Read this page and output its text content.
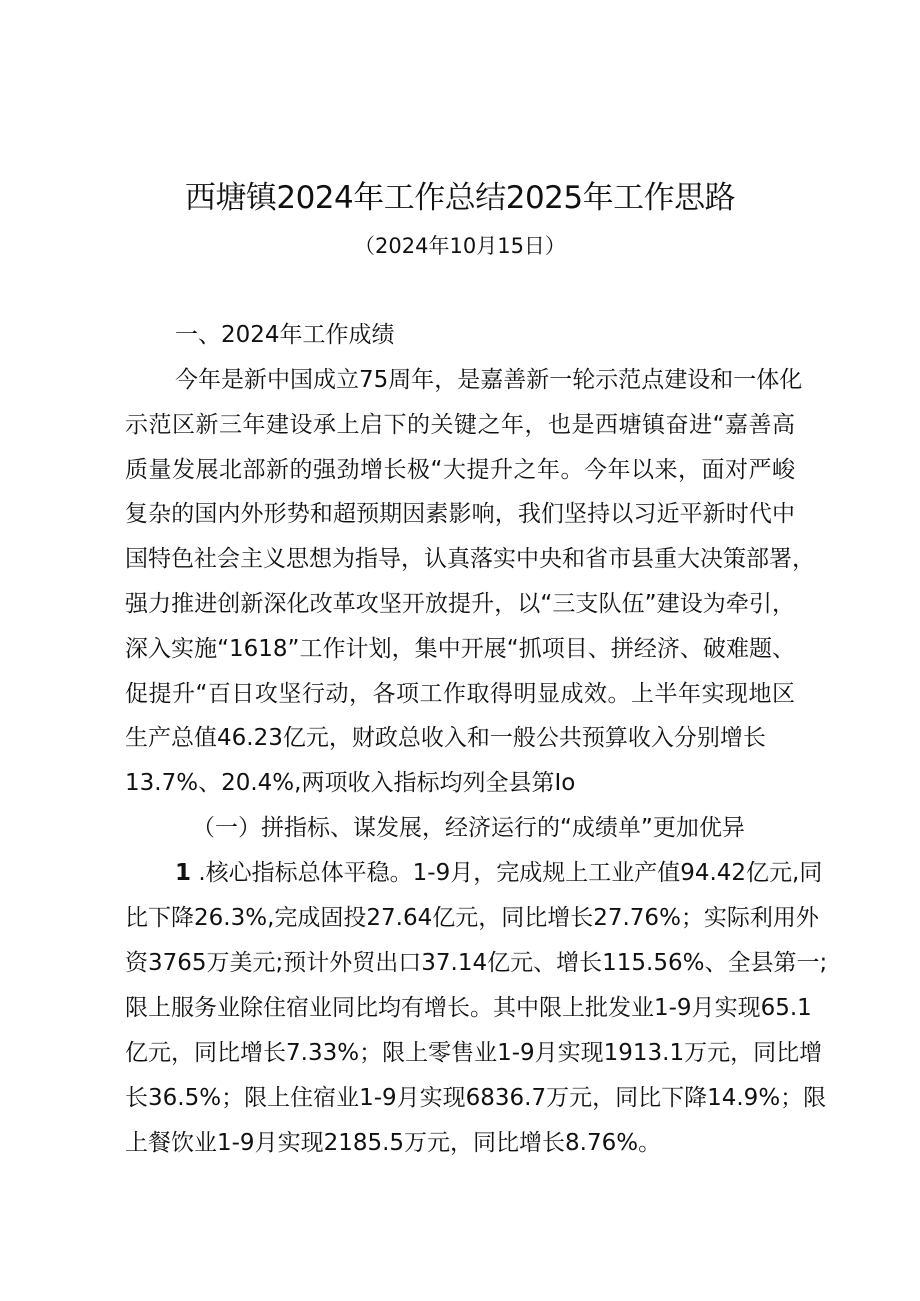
西塘镇2024年工作总结2025年工作思路
（2024年10月15日）
一、2024年工作成绩
今年是新中国成立75周年，是嘉善新一轮示范点建设和一体化
示范区新三年建设承上启下的关键之年，也是西塘镇奋进“嘉善高
质量发展北部新的强劲增长极“大提升之年。今年以来，面对严峻
复杂的国内外形势和超预期因素影响，我们坚持以习近平新时代中
国特色社会主义思想为指导，认真落实中央和省市县重大决策部署，
强力推进创新深化改革攻坚开放提升，以“三支队伍”建设为牵引，
深入实施“1618”工作计划，集中开展“抓项目、拼经济、破难题、
促提升“百日攻坚行动，各项工作取得明显成效。上半年实现地区
生产总值46.23亿元，财政总收入和一般公共预算收入分别增长
13.7%、20.4%,两项收入指标均列全县第Io
（一）拼指标、谋发展，经济运行的“成绩单”更加优异
1 .核心指标总体平稳。1-9月，完成规上工业产值94.42亿元,同
比下降26.3%,完成固投27.64亿元，同比增长27.76%；实际利用外
资3765万美元;预计外贸出口37.14亿元、增长115.56%、全县第一;
限上服务业除住宿业同比均有增长。其中限上批发业1-9月实现65.1
亿元，同比增长7.33%；限上零售业1-9月实现1913.1万元，同比增
长36.5%；限上住宿业1-9月实现6836.7万元，同比下降14.9%；限
上餐饮业1-9月实现2185.5万元，同比增长8.76%。
